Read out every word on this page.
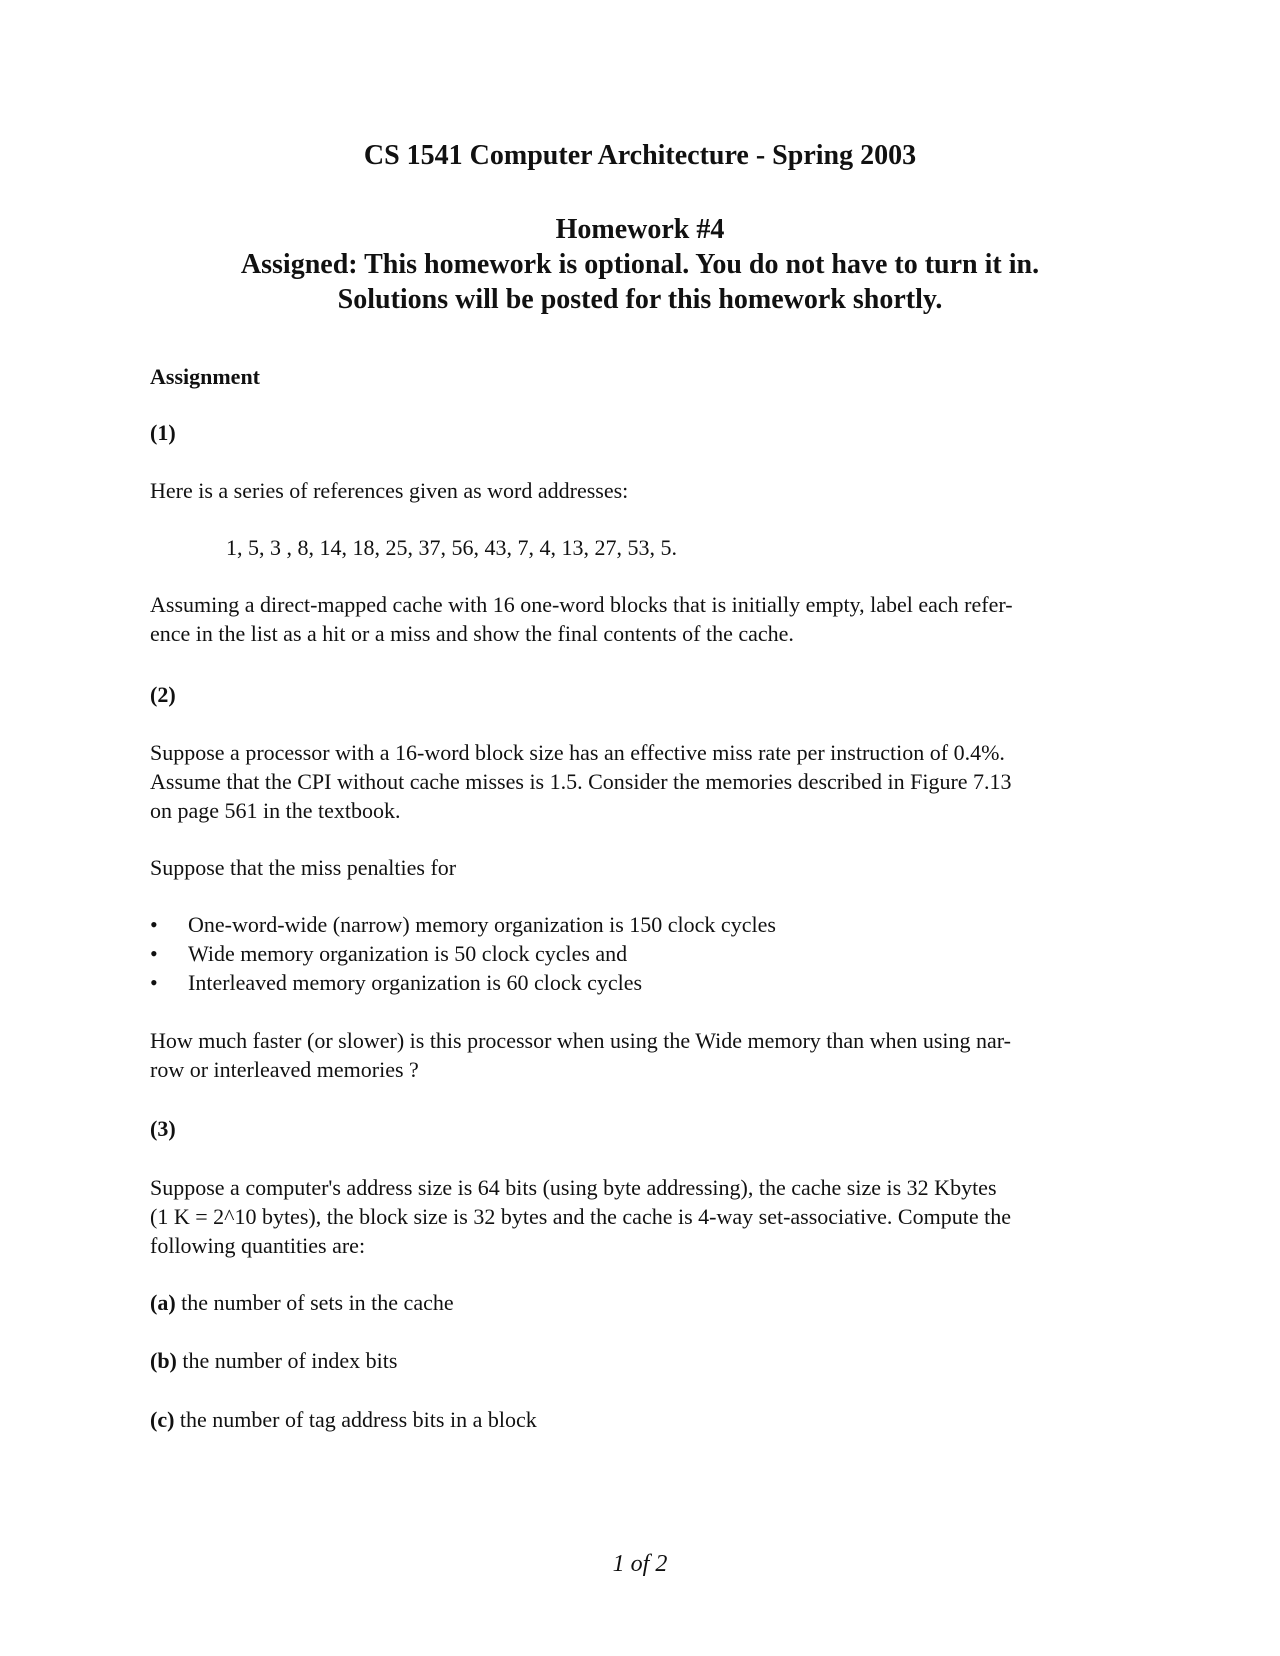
CS 1541 Computer Architecture - Spring 2003
Homework #4
Assigned: This homework is optional. You do not have to turn it in.
Solutions will be posted for this homework shortly.
Assignment
(1)
Here is a series of references given as word addresses:
1, 5, 3 , 8, 14, 18, 25, 37, 56, 43, 7, 4, 13, 27, 53, 5.
Assuming a direct-mapped cache with 16 one-word blocks that is initially empty, label each refer-
ence in the list as a hit or a miss and show the final contents of the cache.
(2)
Suppose a processor with a 16-word block size has an effective miss rate per instruction of 0.4%.
Assume that the CPI without cache misses is 1.5. Consider the memories described in Figure 7.13
on page 561 in the textbook.
Suppose that the miss penalties for
• One-word-wide (narrow) memory organization is 150 clock cycles
• Wide memory organization is 50 clock cycles and
• Interleaved memory organization is 60 clock cycles
How much faster (or slower) is this processor when using the Wide memory than when using nar-
row or interleaved memories ?
(3)
Suppose a computer's address size is 64 bits (using byte addressing), the cache size is 32 Kbytes
(1 K = 2^10 bytes), the block size is 32 bytes and the cache is 4-way set-associative. Compute the
following quantities are:
(a) the number of sets in the cache
(b) the number of index bits
(c) the number of tag address bits in a block
1 of 2
